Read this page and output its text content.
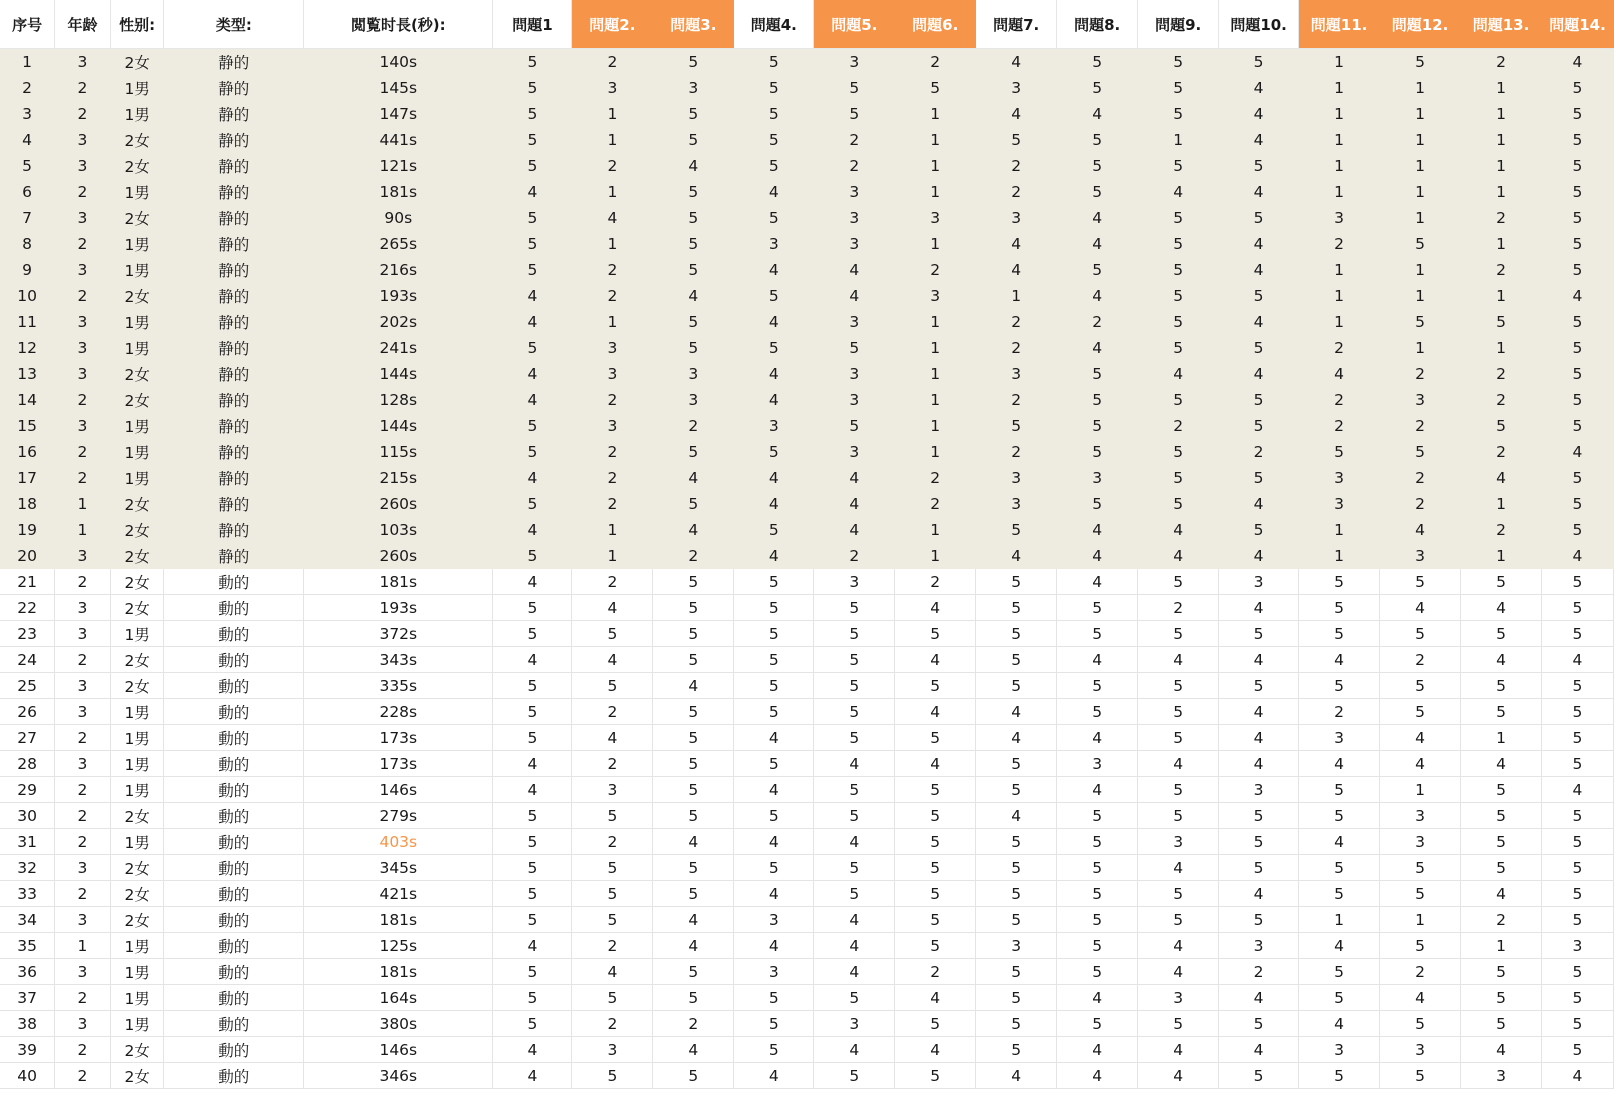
序号	年龄	性别:	类型:	閲覧时長(秒):	問題1	問題2.	問題3.	問題4.	問題5.	問題6.	問題7.	問題8.	問題9.	問題10.	問題11.	問題12.	問題13.	問題14.
1	3	2女	静的	140s	5	2	5	5	3	2	4	5	5	5	1	5	2	4
2	2	1男	静的	145s	5	3	3	5	5	5	3	5	5	4	1	1	1	5
3	2	1男	静的	147s	5	1	5	5	5	1	4	4	5	4	1	1	1	5
4	3	2女	静的	441s	5	1	5	5	2	1	5	5	1	4	1	1	1	5
5	3	2女	静的	121s	5	2	4	5	2	1	2	5	5	5	1	1	1	5
6	2	1男	静的	181s	4	1	5	4	3	1	2	5	4	4	1	1	1	5
7	3	2女	静的	90s	5	4	5	5	3	3	3	4	5	5	3	1	2	5
8	2	1男	静的	265s	5	1	5	3	3	1	4	4	5	4	2	5	1	5
9	3	1男	静的	216s	5	2	5	4	4	2	4	5	5	4	1	1	2	5
10	2	2女	静的	193s	4	2	4	5	4	3	1	4	5	5	1	1	1	4
11	3	1男	静的	202s	4	1	5	4	3	1	2	2	5	4	1	5	5	5
12	3	1男	静的	241s	5	3	5	5	5	1	2	4	5	5	2	1	1	5
13	3	2女	静的	144s	4	3	3	4	3	1	3	5	4	4	4	2	2	5
14	2	2女	静的	128s	4	2	3	4	3	1	2	5	5	5	2	3	2	5
15	3	1男	静的	144s	5	3	2	3	5	1	5	5	2	5	2	2	5	5
16	2	1男	静的	115s	5	2	5	5	3	1	2	5	5	2	5	5	2	4
17	2	1男	静的	215s	4	2	4	4	4	2	3	3	5	5	3	2	4	5
18	1	2女	静的	260s	5	2	5	4	4	2	3	5	5	4	3	2	1	5
19	1	2女	静的	103s	4	1	4	5	4	1	5	4	4	5	1	4	2	5
20	3	2女	静的	260s	5	1	2	4	2	1	4	4	4	4	1	3	1	4
21	2	2女	動的	181s	4	2	5	5	3	2	5	4	5	3	5	5	5	5
22	3	2女	動的	193s	5	4	5	5	5	4	5	5	2	4	5	4	4	5
23	3	1男	動的	372s	5	5	5	5	5	5	5	5	5	5	5	5	5	5
24	2	2女	動的	343s	4	4	5	5	5	4	5	4	4	4	4	2	4	4
25	3	2女	動的	335s	5	5	4	5	5	5	5	5	5	5	5	5	5	5
26	3	1男	動的	228s	5	2	5	5	5	4	4	5	5	4	2	5	5	5
27	2	1男	動的	173s	5	4	5	4	5	5	4	4	5	4	3	4	1	5
28	3	1男	動的	173s	4	2	5	5	4	4	5	3	4	4	4	4	4	5
29	2	1男	動的	146s	4	3	5	4	5	5	5	4	5	3	5	1	5	4
30	2	2女	動的	279s	5	5	5	5	5	5	4	5	5	5	5	3	5	5
31	2	1男	動的	403s	5	2	4	4	4	5	5	5	3	5	4	3	5	5
32	3	2女	動的	345s	5	5	5	5	5	5	5	5	4	5	5	5	5	5
33	2	2女	動的	421s	5	5	5	4	5	5	5	5	5	4	5	5	4	5
34	3	2女	動的	181s	5	5	4	3	4	5	5	5	5	5	1	1	2	5
35	1	1男	動的	125s	4	2	4	4	4	5	3	5	4	3	4	5	1	3
36	3	1男	動的	181s	5	4	5	3	4	2	5	5	4	2	5	2	5	5
37	2	1男	動的	164s	5	5	5	5	5	4	5	4	3	4	5	4	5	5
38	3	1男	動的	380s	5	2	2	5	3	5	5	5	5	5	4	5	5	5
39	2	2女	動的	146s	4	3	4	5	4	4	5	4	4	4	3	3	4	5
40	2	2女	動的	346s	4	5	5	4	5	5	4	4	4	5	5	5	3	4
